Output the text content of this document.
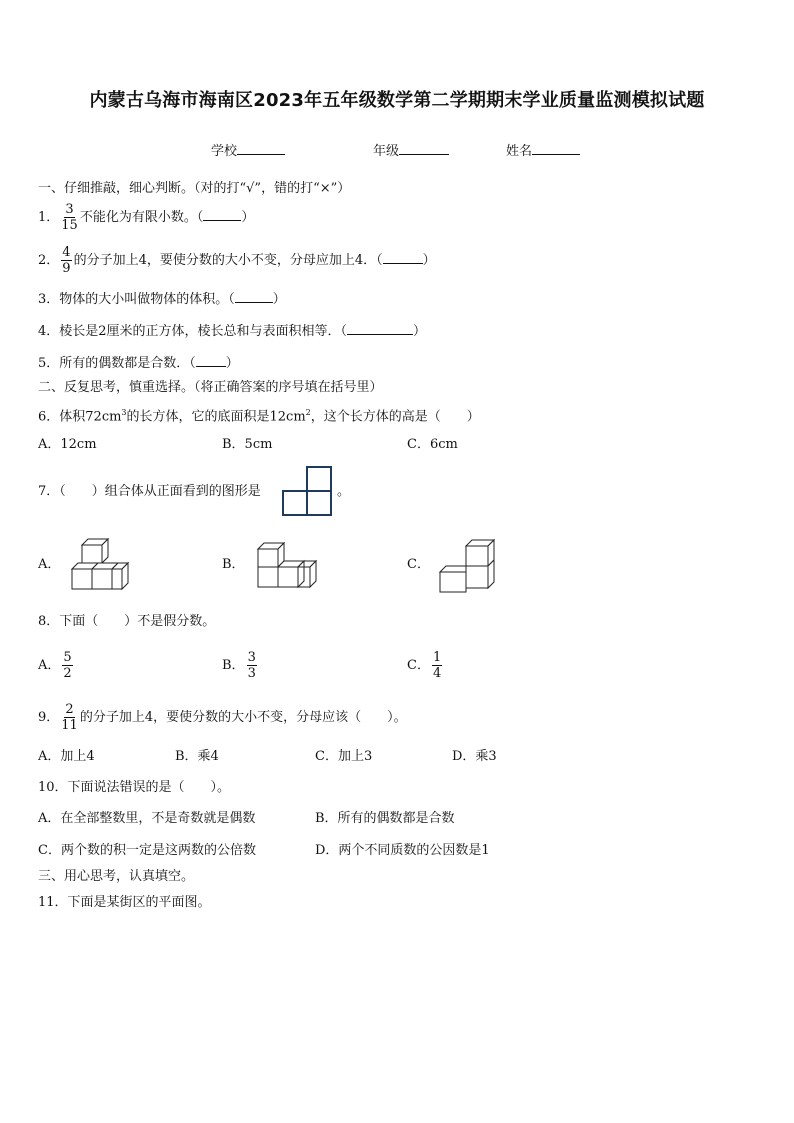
内蒙古乌海市海南区2023年五年级数学第二学期期末学业质量监测模拟试题
学校	年级	姓名
一、仔细推敲，细心判断。（对的打“√”，错的打“×”）
1． $\frac{3}{15}$ 不能化为有限小数。（	）
2． $\frac{4}{9}$ 的分子加上4，要使分数的大小不变，分母应加上4．（	）
3．物体的大小叫做物体的体积。（	）
4．棱长是2厘米的正方体，棱长总和与表面积相等．（	）
5．所有的偶数都是合数．（ ）
二、反复思考，慎重选择。（将正确答案的序号填在括号里）
6．体积$72cm^3$的长方体，它的底面积是$12cm^2$，这个长方体的高是（　　）
A．12cm	B．5cm	C．6cm
7．（　　）组合体从正面看到的图形是	。
A．	B．	C．
8．下面（　　）不是假分数。
A． $\frac{5}{2}$	B． $\frac{3}{3}$	C． $\frac{1}{4}$
9． $\frac{2}{11}$ 的分子加上4，要使分数的大小不变，分母应该（　　）。
A．加上4	B．乘4	C．加上3	D．乘3
10．下面说法错误的是（　　）。
A．在全部整数里，不是奇数就是偶数	B．所有的偶数都是合数
C．两个数的积一定是这两数的公倍数	D．两个不同质数的公因数是1
三、用心思考，认真填空。
11．下面是某街区的平面图。
